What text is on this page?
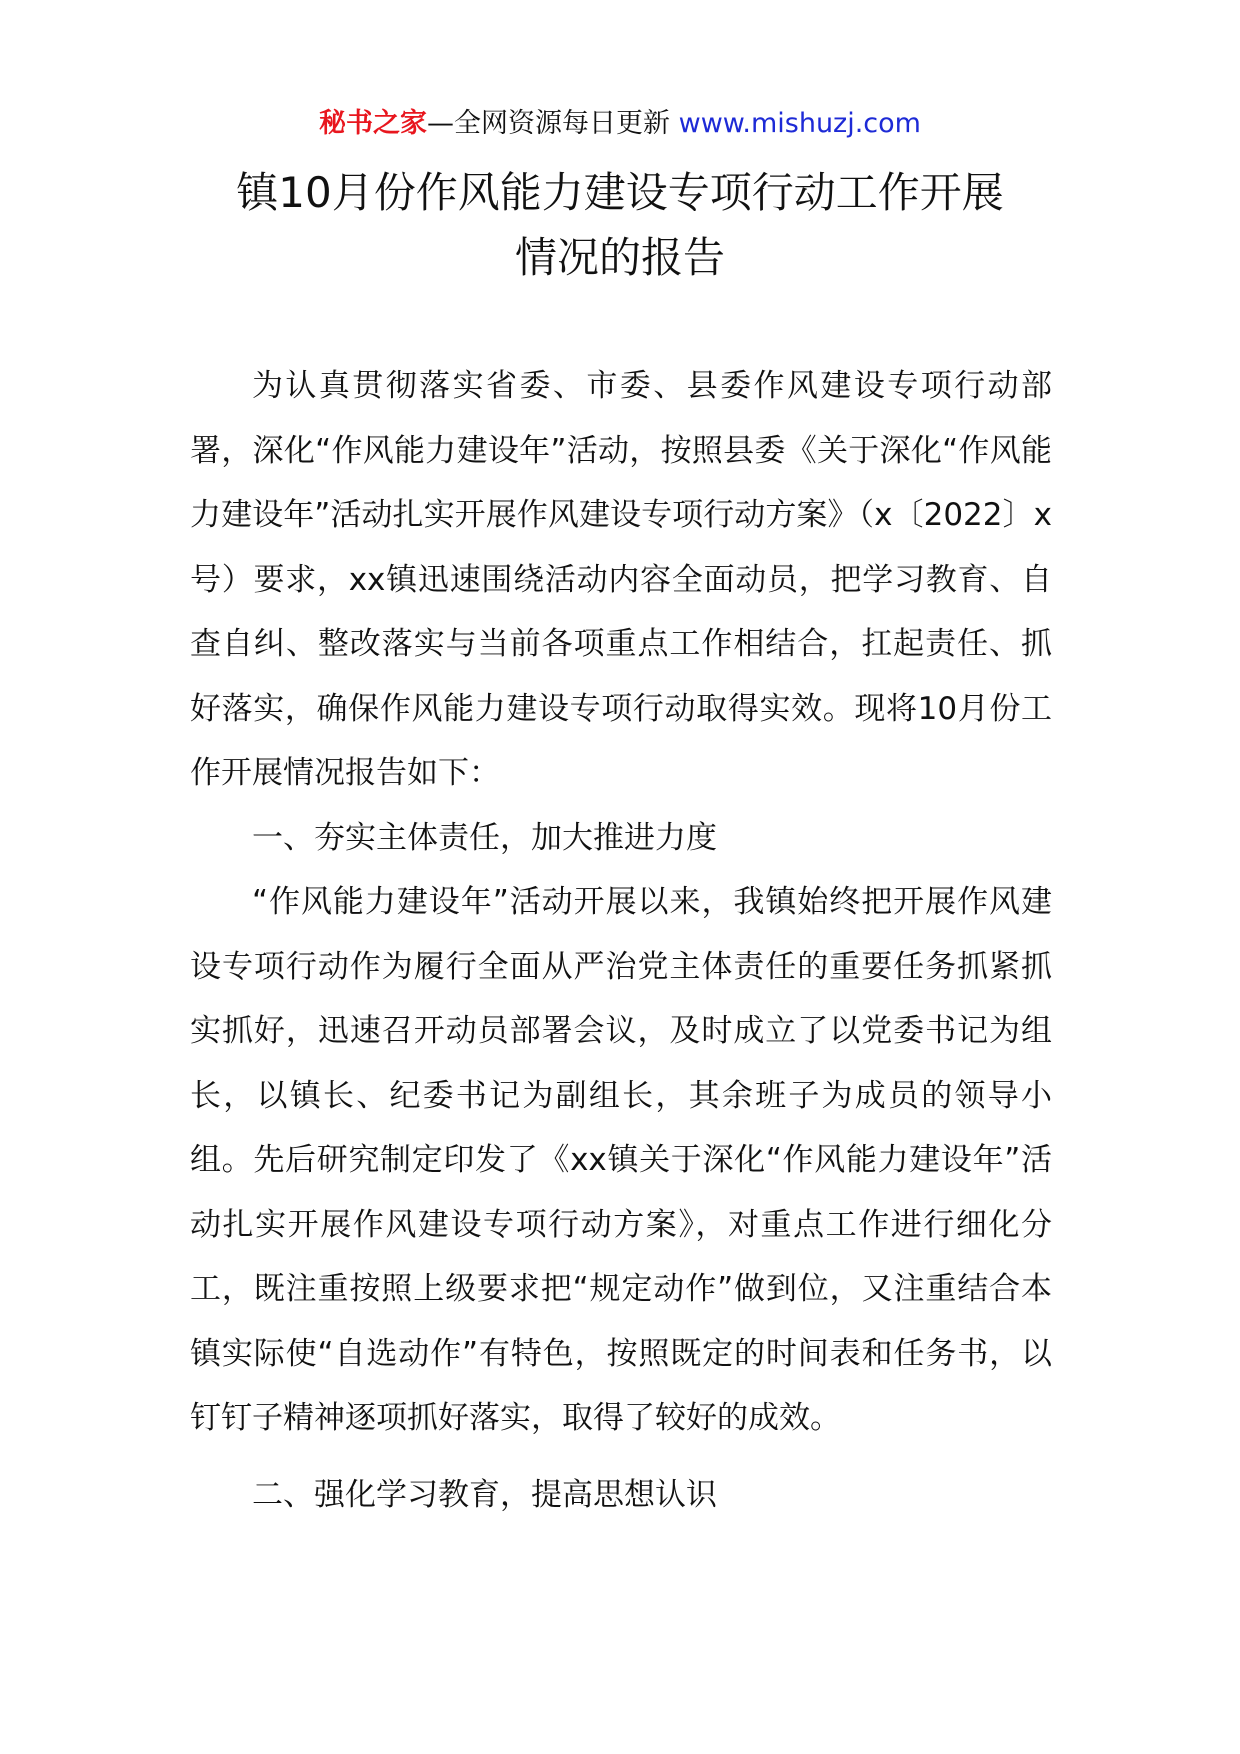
秘书之家—全网资源每日更新 www.mishuzj.com
镇10月份作风能力建设专项行动工作开展
情况的报告

为认真贯彻落实省委、市委、县委作风建设专项行动部署，深化“作风能力建设年”活动，按照县委《关于深化“作风能力建设年”活动扎实开展作风建设专项行动方案》（x〔2022〕x号）要求，xx镇迅速围绕活动内容全面动员，把学习教育、自查自纠、整改落实与当前各项重点工作相结合，扛起责任、抓好落实，确保作风能力建设专项行动取得实效。现将10月份工作开展情况报告如下：

一、夯实主体责任，加大推进力度

“作风能力建设年”活动开展以来，我镇始终把开展作风建设专项行动作为履行全面从严治党主体责任的重要任务抓紧抓实抓好，迅速召开动员部署会议，及时成立了以党委书记为组长，以镇长、纪委书记为副组长，其余班子为成员的领导小组。先后研究制定印发了《xx镇关于深化“作风能力建设年”活动扎实开展作风建设专项行动方案》，对重点工作进行细化分工，既注重按照上级要求把“规定动作”做到位，又注重结合本镇实际使“自选动作”有特色，按照既定的时间表和任务书，以钉钉子精神逐项抓好落实，取得了较好的成效。

二、强化学习教育，提高思想认识
